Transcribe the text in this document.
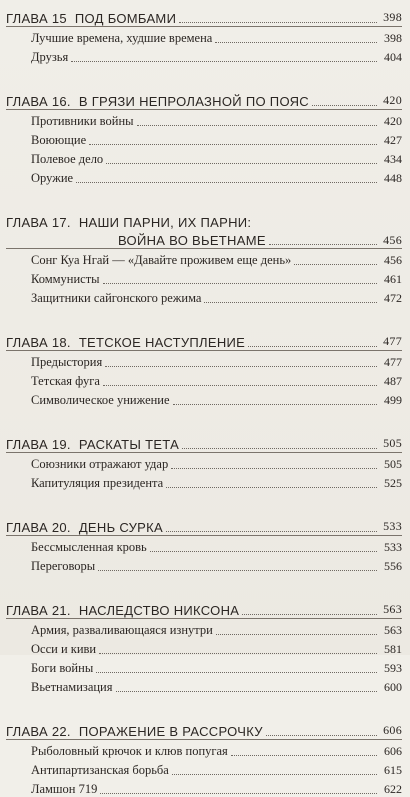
ГЛАВА 15 ПОД БОМБАМИ	398
Лучшие времена, худшие времена	398
Друзья	404
ГЛАВА 16. В ГРЯЗИ НЕПРОЛАЗНОЙ ПО ПОЯС	420
Противники войны	420
Воюющие	427
Полевое дело	434
Оружие	448
ГЛАВА 17. НАШИ ПАРНИ, ИХ ПАРНИ:
ВОЙНА ВО ВЬЕТНАМЕ	456
Сонг Куа Нгай — «Давайте проживем еще день»	456
Коммунисты	461
Защитники сайгонского режима	472
ГЛАВА 18. ТЕТСКОЕ НАСТУПЛЕНИЕ	477
Предыстория	477
Тетская фуга	487
Символическое унижение	499
ГЛАВА 19. РАСКАТЫ ТЕТА	505
Союзники отражают удар	505
Капитуляция президента	525
ГЛАВА 20. ДЕНЬ СУРКА	533
Бессмысленная кровь	533
Переговоры	556
ГЛАВА 21. НАСЛЕДСТВО НИКСОНА	563
Армия, разваливающаяся изнутри	563
Осси и киви	581
Боги войны	593
Вьетнамизация	600
ГЛАВА 22. ПОРАЖЕНИЕ В РАССРОЧКУ	606
Рыболовный крючок и клюв попугая	606
Антипартизанская борьба	615
Ламшон 719	622
